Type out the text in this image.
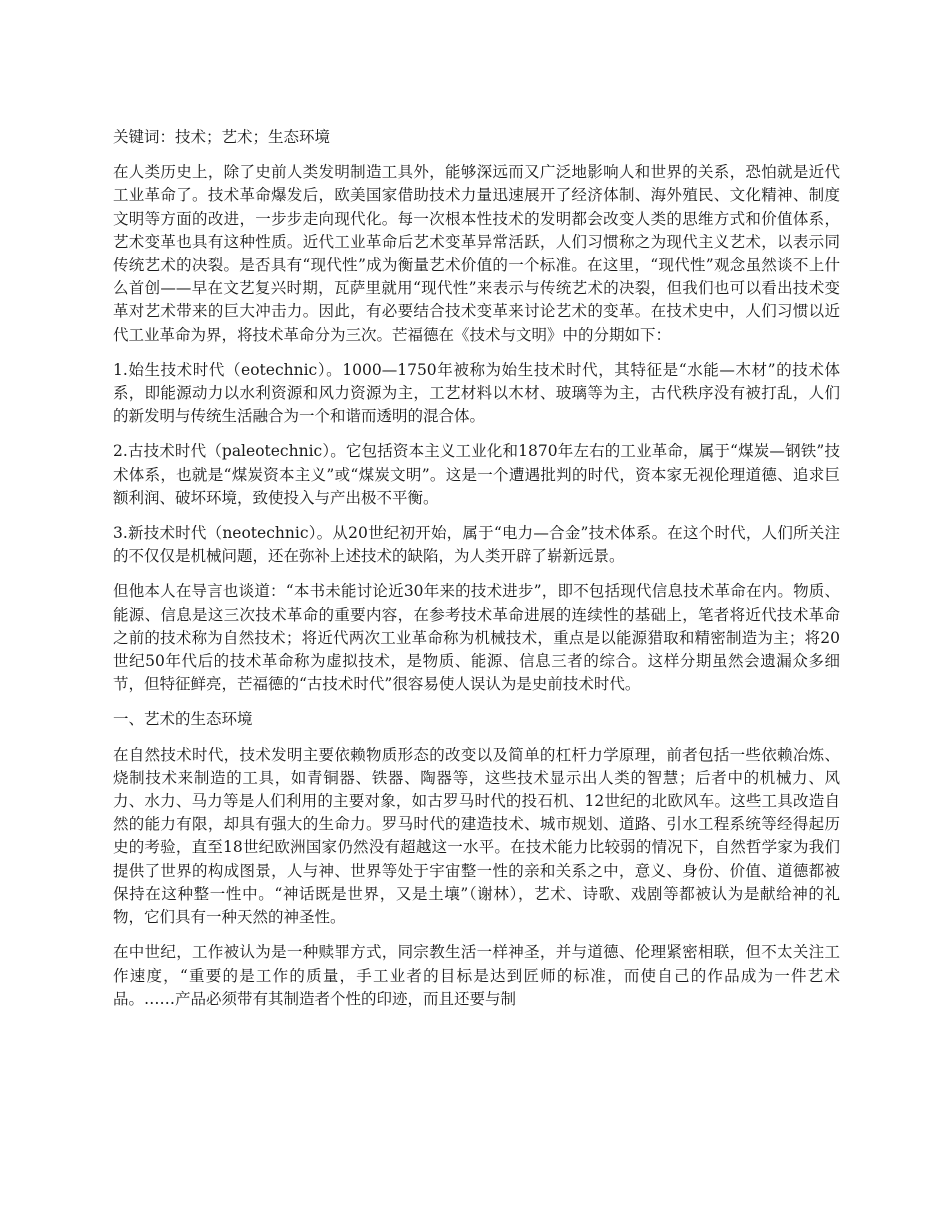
关键词：技术；艺术；生态环境

在人类历史上，除了史前人类发明制造工具外，能够深远而又广泛地影响人和世界的关系，恐怕就是近代工业革命了。技术革命爆发后，欧美国家借助技术力量迅速展开了经济体制、海外殖民、文化精神、制度文明等方面的改进，一步步走向现代化。每一次根本性技术的发明都会改变人类的思维方式和价值体系，艺术变革也具有这种性质。近代工业革命后艺术变革异常活跃，人们习惯称之为现代主义艺术，以表示同传统艺术的决裂。是否具有“现代性”成为衡量艺术价值的一个标准。在这里，“现代性”观念虽然谈不上什么首创——早在文艺复兴时期，瓦萨里就用“现代性”来表示与传统艺术的决裂，但我们也可以看出技术变革对艺术带来的巨大冲击力。因此，有必要结合技术变革来讨论艺术的变革。在技术史中，人们习惯以近代工业革命为界，将技术革命分为三次。芒福德在《技术与文明》中的分期如下：

1.始生技术时代（eotechnic）。1000—1750年被称为始生技术时代，其特征是“水能—木材”的技术体系，即能源动力以水利资源和风力资源为主，工艺材料以木材、玻璃等为主，古代秩序没有被打乱，人们的新发明与传统生活融合为一个和谐而透明的混合体。

2.古技术时代（paleotechnic）。它包括资本主义工业化和1870年左右的工业革命，属于“煤炭—钢铁”技术体系，也就是“煤炭资本主义”或“煤炭文明”。这是一个遭遇批判的时代，资本家无视伦理道德、追求巨额利润、破坏环境，致使投入与产出极不平衡。

3.新技术时代（neotechnic）。从20世纪初开始，属于“电力—合金”技术体系。在这个时代，人们所关注的不仅仅是机械问题，还在弥补上述技术的缺陷，为人类开辟了崭新远景。

但他本人在导言也谈道：“本书未能讨论近30年来的技术进步”，即不包括现代信息技术革命在内。物质、能源、信息是这三次技术革命的重要内容，在参考技术革命进展的连续性的基础上，笔者将近代技术革命之前的技术称为自然技术；将近代两次工业革命称为机械技术，重点是以能源猎取和精密制造为主；将20世纪50年代后的技术革命称为虚拟技术，是物质、能源、信息三者的综合。这样分期虽然会遗漏众多细节，但特征鲜亮，芒福德的“古技术时代”很容易使人误认为是史前技术时代。

一、艺术的生态环境

在自然技术时代，技术发明主要依赖物质形态的改变以及简单的杠杆力学原理，前者包括一些依赖冶炼、烧制技术来制造的工具，如青铜器、铁器、陶器等，这些技术显示出人类的智慧；后者中的机械力、风力、水力、马力等是人们利用的主要对象，如古罗马时代的投石机、12世纪的北欧风车。这些工具改造自然的能力有限，却具有强大的生命力。罗马时代的建造技术、城市规划、道路、引水工程系统等经得起历史的考验，直至18世纪欧洲国家仍然没有超越这一水平。在技术能力比较弱的情况下，自然哲学家为我们提供了世界的构成图景，人与神、世界等处于宇宙整一性的亲和关系之中，意义、身份、价值、道德都被保持在这种整一性中。“神话既是世界，又是土壤”（谢林），艺术、诗歌、戏剧等都被认为是献给神的礼物，它们具有一种天然的神圣性。

在中世纪，工作被认为是一种赎罪方式，同宗教生活一样神圣，并与道德、伦理紧密相联，但不太关注工作速度，“重要的是工作的质量，手工业者的目标是达到匠师的标准，而使自己的作品成为一件艺术品。……产品必须带有其制造者个性的印迹，而且还要与制
